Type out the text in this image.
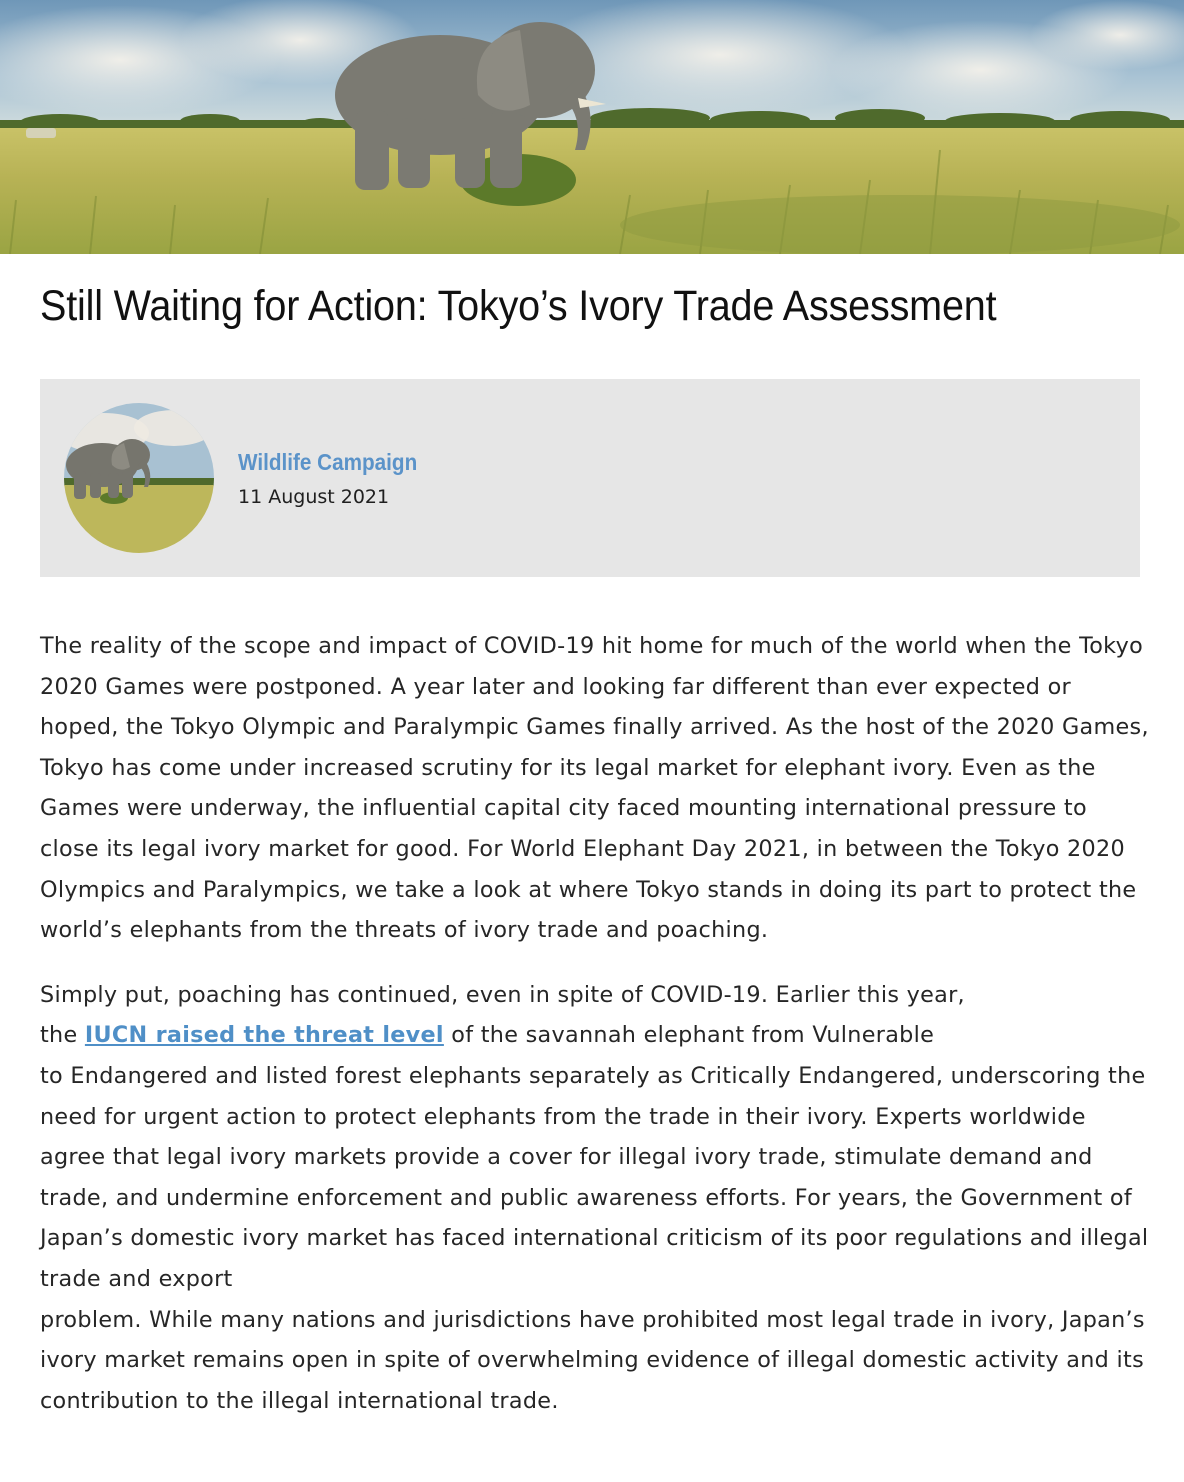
Still Waiting for Action: Tokyo’s Ivory Trade Assessment
Wildlife Campaign
11 August 2021

The reality of the scope and impact of COVID-19 hit home for much of the world when the Tokyo 2020 Games were postponed. A year later and looking far different than ever expected or hoped, the Tokyo Olympic and Paralympic Games finally arrived. As the host of the 2020 Games, Tokyo has come under increased scrutiny for its legal market for elephant ivory. Even as the Games were underway, the influential capital city faced mounting international pressure to close its legal ivory market for good. For World Elephant Day 2021, in between the Tokyo 2020 Olympics and Paralympics, we take a look at where Tokyo stands in doing its part to protect the world’s elephants from the threats of ivory trade and poaching.

Simply put, poaching has continued, even in spite of COVID-19. Earlier this year,
the IUCN raised the threat level of the savannah elephant from Vulnerable
to Endangered and listed forest elephants separately as Critically Endangered, underscoring the need for urgent action to protect elephants from the trade in their ivory. Experts worldwide agree that legal ivory markets provide a cover for illegal ivory trade, stimulate demand and trade, and undermine enforcement and public awareness efforts. For years, the Government of Japan’s domestic ivory market has faced international criticism of its poor regulations and illegal trade and export
problem. While many nations and jurisdictions have prohibited most legal trade in ivory, Japan’s ivory market remains open in spite of overwhelming evidence of illegal domestic activity and its contribution to the illegal international trade.
